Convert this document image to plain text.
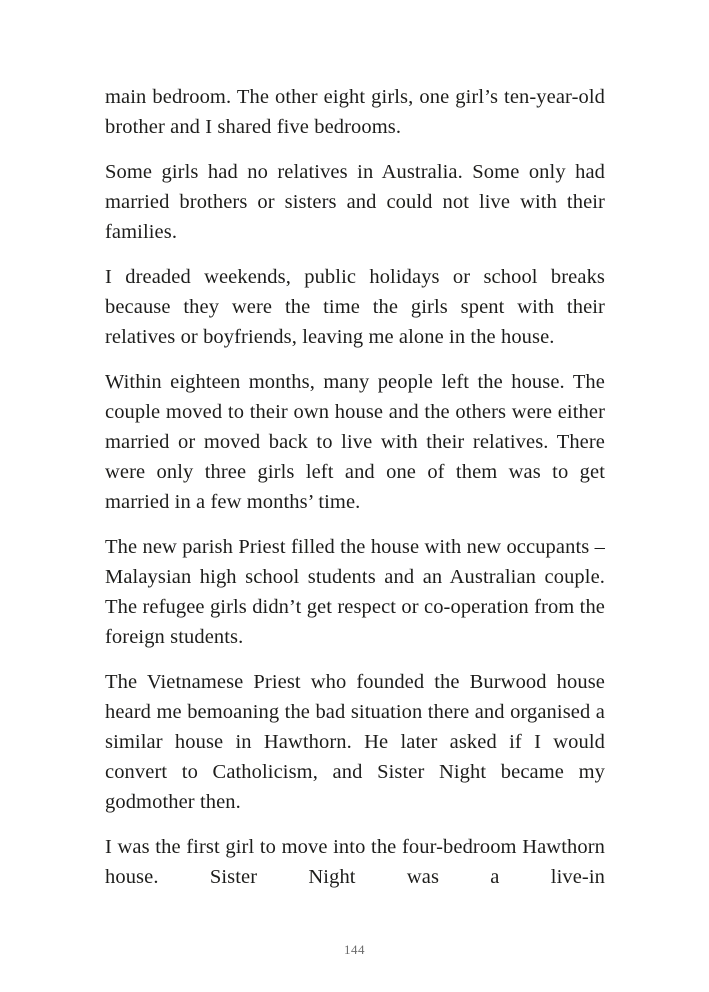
main bedroom. The other eight girls, one girl’s ten-year-old brother and I shared five bedrooms.

Some girls had no relatives in Australia. Some only had married brothers or sisters and could not live with their families.

I dreaded weekends, public holidays or school breaks because they were the time the girls spent with their relatives or boyfriends, leaving me alone in the house.

Within eighteen months, many people left the house. The couple moved to their own house and the others were either married or moved back to live with their relatives. There were only three girls left and one of them was to get married in a few months’ time.

The new parish Priest filled the house with new occupants – Malaysian high school students and an Australian couple. The refugee girls didn’t get respect or co-operation from the foreign students.

The Vietnamese Priest who founded the Burwood house heard me bemoaning the bad situation there and organised a similar house in Hawthorn. He later asked if I would convert to Catholicism, and Sister Night became my godmother then.

I was the first girl to move into the four-bedroom Hawthorn house. Sister Night was a live-in

144
